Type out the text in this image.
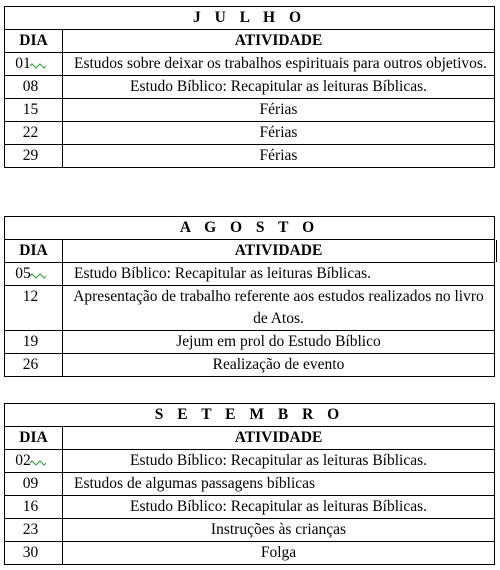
J U L H O	
DIA	ATIVIDADE
01	Estudos sobre deixar os trabalhos espirituais para outros objetivos.
08	Estudo Bíblico: Recapitular as leituras Bíblicas.
15	Férias
22	Férias
29	Férias
A G O S T O	
DIA	ATIVIDADE
05	Estudo Bíblico: Recapitular as leituras Bíblicas.
12	Apresentação de trabalho referente aos estudos realizados no livro de Atos.
19	Jejum em prol do Estudo Bíblico
26	Realização de evento
S E T E M B R O	
DIA	ATIVIDADE
02	Estudo Bíblico: Recapitular as leituras Bíblicas.
09	Estudos de algumas passagens bíblicas
16	Estudo Bíblico: Recapitular as leituras Bíblicas.
23	Instruções às crianças
30	Folga
